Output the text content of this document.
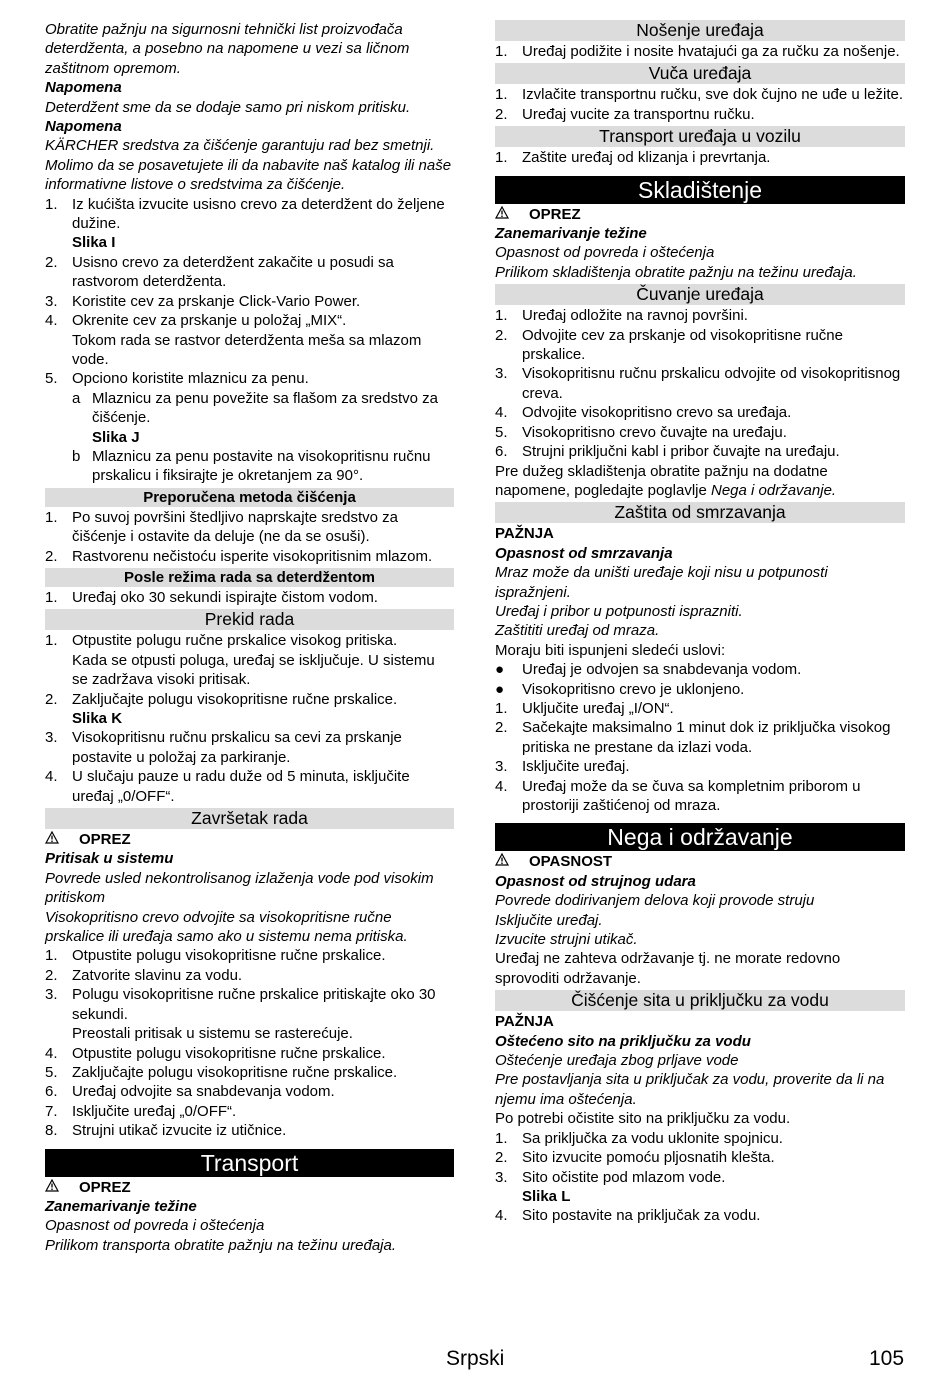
Obratite pažnju na sigurnosni tehnički list proizvođača deterdženta, a posebno na napomene u vezi sa ličnom zaštitnom opremom.

Napomena

Deterdžent sme da se dodaje samo pri niskom pritisku.

Napomena

KÄRCHER sredstva za čišćenje garantuju rad bez smetnji. Molimo da se posavetujete ili da nabavite naš katalog ili naše informativne listove o sredstvima za čišćenje.

1. Iz kućišta izvucite usisno crevo za deterdžent do željene dužine.

Slika I

2. Usisno crevo za deterdžent zakačite u posudi sa rastvorom deterdženta.
3. Koristite cev za prskanje Click-Vario Power.
4. Okrenite cev za prskanje u položaj „MIX“.

Tokom rada se rastvor deterdženta meša sa mlazom vode.

5. Opciono koristite mlaznicu za penu.
a Mlaznicu za penu povežite sa flašom za sredstvo za čišćenje.

Slika J

b Mlaznicu za penu postavite na visokopritisnu ručnu prskalicu i fiksirajte je okretanjem za 90°.
Preporučena metoda čišćenja
1. Po suvoj površini štedljivo naprskajte sredstvo za čišćenje i ostavite da deluje (ne da se osuši).
2. Rastvorenu nečistoću isperite visokopritisnim mlazom.
Posle režima rada sa deterdžentom
1. Uređaj oko 30 sekundi ispirajte čistom vodom.
Prekid rada
1. Otpustite polugu ručne prskalice visokog pritiska.

Kada se otpusti poluga, uređaj se isključuje. U sistemu se zadržava visoki pritisak.

2. Zaključajte polugu visokopritisne ručne prskalice.

Slika K

3. Visokopritisnu ručnu prskalicu sa cevi za prskanje postavite u položaj za parkiranje.
4. U slučaju pauze u radu duže od 5 minuta, isključite uređaj „0/OFF“.
Završetak rada
OPREZ

Pritisak u sistemu

Povrede usled nekontrolisanog izlaženja vode pod visokim pritiskom

Visokopritisno crevo odvojite sa visokopritisne ručne prskalice ili uređaja samo ako u sistemu nema pritiska.

1. Otpustite polugu visokopritisne ručne prskalice.
2. Zatvorite slavinu za vodu.
3. Polugu visokopritisne ručne prskalice pritiskajte oko 30 sekundi.

Preostali pritisak u sistemu se rasterećuje.

4. Otpustite polugu visokopritisne ručne prskalice.
5. Zaključajte polugu visokopritisne ručne prskalice.
6. Uređaj odvojite sa snabdevanja vodom.
7. Isključite uređaj „0/OFF“.
8. Strujni utikač izvucite iz utičnice.
Transport
OPREZ

Zanemarivanje težine

Opasnost od povreda i oštećenja

Prilikom transporta obratite pažnju na težinu uređaja.

Nošenje uređaja
1. Uređaj podižite i nosite hvatajući ga za ručku za nošenje.
Vuča uređaja
1. Izvlačite transportnu ručku, sve dok čujno ne uđe u ležite.
2. Uređaj vucite za transportnu ručku.
Transport uređaja u vozilu
1. Zaštite uređaj od klizanja i prevrtanja.
Skladištenje
OPREZ

Zanemarivanje težine

Opasnost od povreda i oštećenja

Prilikom skladištenja obratite pažnju na težinu uređaja.

Čuvanje uređaja
1. Uređaj odložite na ravnoj površini.
2. Odvojite cev za prskanje od visokopritisne ručne prskalice.
3. Visokopritisnu ručnu prskalicu odvojite od visokopritisnog creva.
4. Odvojite visokopritisno crevo sa uređaja.
5. Visokopritisno crevo čuvajte na uređaju.
6. Strujni priključni kabl i pribor čuvajte na uređaju.

Pre dužeg skladištenja obratite pažnju na dodatne napomene, pogledajte poglavlje Nega i održavanje.

Zaštita od smrzavanja

PAŽNJA

Opasnost od smrzavanja

Mraz može da uništi uređaje koji nisu u potpunosti ispražnjeni.

Uređaj i pribor u potpunosti isprazniti.

Zaštititi uređaj od mraza.

Moraju biti ispunjeni sledeći uslovi:

●	Uređaj je odvojen sa snabdevanja vodom.
●	Visokopritisno crevo je uklonjeno.
1. Uključite uređaj „I/ON“.
2. Sačekajte maksimalno 1 minut dok iz priključka visokog pritiska ne prestane da izlazi voda.
3. Isključite uređaj.
4. Uređaj može da se čuva sa kompletnim priborom u prostoriji zaštićenoj od mraza.
Nega i održavanje
OPASNOST

Opasnost od strujnog udara

Povrede dodirivanjem delova koji provode struju

Isključite uređaj.

Izvucite strujni utikač.

Uređaj ne zahteva održavanje tj. ne morate redovno sprovoditi održavanje.

Čišćenje sita u priključku za vodu

PAŽNJA

Oštećeno sito na priključku za vodu

Oštećenje uređaja zbog prljave vode

Pre postavljanja sita u priključak za vodu, proverite da li na njemu ima oštećenja.

Po potrebi očistite sito na priključku za vodu.

1. Sa priključka za vodu uklonite spojnicu.
2. Sito izvucite pomoću pljosnatih klešta.
3. Sito očistite pod mlazom vode.

Slika L

4. Sito postavite na priključak za vodu.
Srpski	105
